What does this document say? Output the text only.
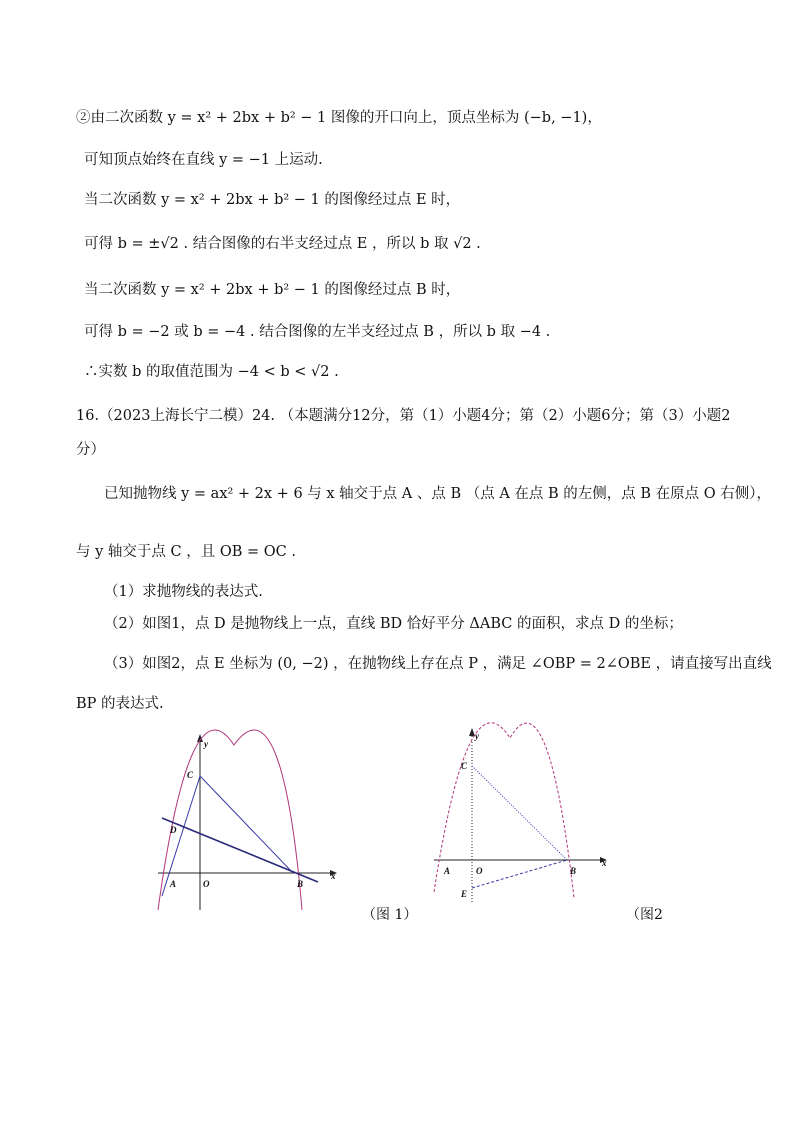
②由二次函数 y = x² + 2bx + b² − 1 图像的开口向上，顶点坐标为 (−b, −1)，
可知顶点始终在直线 y = −1 上运动.
当二次函数 y = x² + 2bx + b² − 1 的图像经过点 E 时，
可得 b = ±√2 . 结合图像的右半支经过点 E ，所以 b 取 √2 .
当二次函数 y = x² + 2bx + b² − 1 的图像经过点 B 时，
可得 b = −2 或 b = −4 . 结合图像的左半支经过点 B ，所以 b 取 −4 .
∴实数 b 的取值范围为 −4 < b < √2 .
16.（2023上海长宁二模）24. （本题满分12分，第（1）小题4分；第（2）小题6分；第（3）小题2
分）
已知抛物线 y = ax² + 2x + 6 与 x 轴交于点 A 、点 B （点 A 在点 B 的左侧，点 B 在原点 O 右侧），
与 y 轴交于点 C ，且 OB = OC .
（1）求抛物线的表达式.
（2）如图1，点 D 是抛物线上一点，直线 BD 恰好平分 ΔABC 的面积，求点 D 的坐标；
（3）如图2，点 E 坐标为 (0, −2) ，在抛物线上存在点 P ，满足 ∠OBP = 2∠OBE ，请直接写出直线
BP 的表达式.
y
x
C
D
A	O	B
（图 1）
y
x
C
A	O	B
E
（图2
